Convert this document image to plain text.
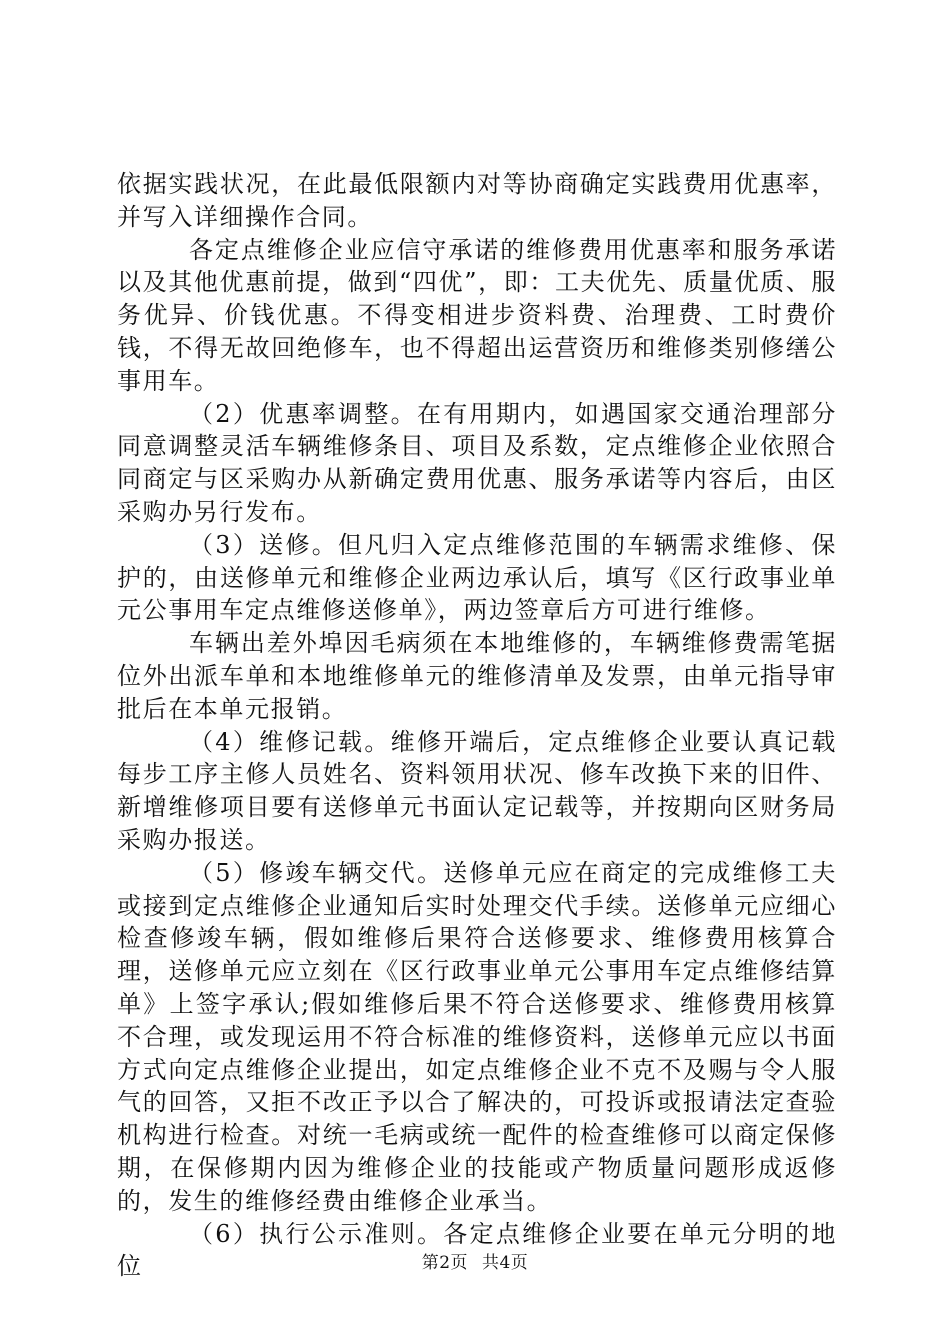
依据实践状况，在此最低限额内对等协商确定实践费用优惠率，并写入详细操作合同。

各定点维修企业应信守承诺的维修费用优惠率和服务承诺以及其他优惠前提，做到“四优”，即：工夫优先、质量优质、服务优异、价钱优惠。不得变相进步资料费、治理费、工时费价钱，不得无故回绝修车，也不得超出运营资历和维修类别修缮公事用车。

（2）优惠率调整。在有用期内，如遇国家交通治理部分同意调整灵活车辆维修条目、项目及系数，定点维修企业依照合同商定与区采购办从新确定费用优惠、服务承诺等内容后，由区采购办另行发布。

（3）送修。但凡归入定点维修范围的车辆需求维修、保护的，由送修单元和维修企业两边承认后，填写《区行政事业单元公事用车定点维修送修单》，两边签章后方可进行维修。

车辆出差外埠因毛病须在本地维修的，车辆维修费需笔据位外出派车单和本地维修单元的维修清单及发票，由单元指导审批后在本单元报销。

（4）维修记载。维修开端后，定点维修企业要认真记载每步工序主修人员姓名、资料领用状况、修车改换下来的旧件、新增维修项目要有送修单元书面认定记载等，并按期向区财务局采购办报送。

（5）修竣车辆交代。送修单元应在商定的完成维修工夫或接到定点维修企业通知后实时处理交代手续。送修单元应细心检查修竣车辆，假如维修后果符合送修要求、维修费用核算合理，送修单元应立刻在《区行政事业单元公事用车定点维修结算单》上签字承认;假如维修后果不符合送修要求、维修费用核算不合理，或发现运用不符合标准的维修资料，送修单元应以书面方式向定点维修企业提出，如定点维修企业不克不及赐与令人服气的回答，又拒不改正予以合了解决的，可投诉或报请法定查验机构进行检查。对统一毛病或统一配件的检查维修可以商定保修期，在保修期内因为维修企业的技能或产物质量问题形成返修的，发生的维修经费由维修企业承当。

（6）执行公示准则。各定点维修企业要在单元分明的地位	第2页 共4页
